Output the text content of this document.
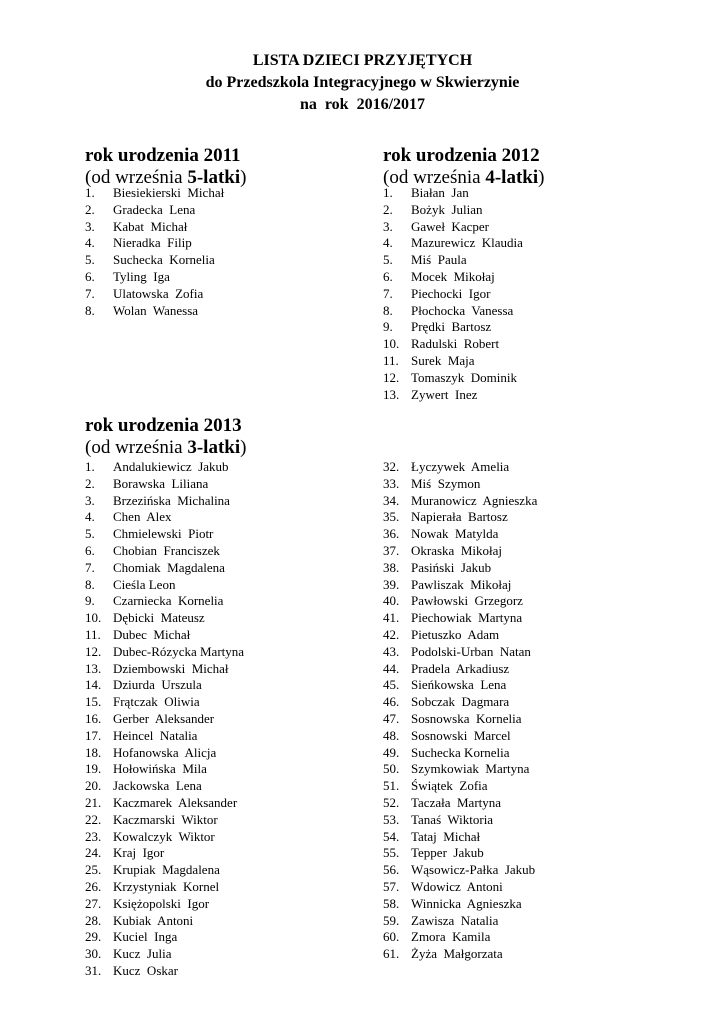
LISTA DZIECI PRZYJĘTYCH
do Przedszkola Integracyjnego w Skwierzynie
na  rok  2016/2017
rok urodzenia 2011
(od września 5-latki)
1. Biesiekierski  Michał
2. Gradecka  Lena
3. Kabat  Michał
4. Nieradka  Filip
5. Suchecka  Kornelia
6. Tyling  Iga
7. Ulatowska  Zofia
8. Wolan  Wanessa
rok urodzenia 2012
(od września 4-latki)
1. Białan  Jan
2. Bożyk  Julian
3. Gaweł  Kacper
4. Mazurewicz  Klaudia
5. Miś  Paula
6. Mocek  Mikołaj
7. Piechocki  Igor
8. Płochocka  Vanessa
9. Prędki  Bartosz
10. Radulski  Robert
11. Surek  Maja
12. Tomaszyk  Dominik
13. Zywert  Inez
rok urodzenia 2013
(od września 3-latki)
1. Andalukiewicz  Jakub
2. Borawska  Liliana
3. Brzezińska  Michalina
4. Chen  Alex
5. Chmielewski  Piotr
6. Chobian  Franciszek
7. Chomiak  Magdalena
8. Cieśla Leon
9. Czarniecka  Kornelia
10. Dębicki  Mateusz
11. Dubec  Michał
12. Dubec-Rózycka Martyna
13. Dziembowski  Michał
14. Dziurda  Urszula
15. Frątczak  Oliwia
16. Gerber  Aleksander
17. Heincel  Natalia
18. Hofanowska  Alicja
19. Hołowińska  Mila
20. Jackowska  Lena
21. Kaczmarek  Aleksander
22. Kaczmarski  Wiktor
23. Kowalczyk  Wiktor
24. Kraj  Igor
25. Krupiak  Magdalena
26. Krzystyniak  Kornel
27. Księżopolski  Igor
28. Kubiak  Antoni
29. Kuciel  Inga
30. Kucz  Julia
31. Kucz  Oskar
32. Łyczywek  Amelia
33. Miś  Szymon
34. Muranowicz  Agnieszka
35. Napierała  Bartosz
36. Nowak  Matylda
37. Okraska  Mikołaj
38. Pasiński  Jakub
39. Pawliszak  Mikołaj
40. Pawłowski  Grzegorz
41. Piechowiak  Martyna
42. Pietuszko  Adam
43. Podolski-Urban  Natan
44. Pradela  Arkadiusz
45. Sieńkowska  Lena
46. Sobczak  Dagmara
47. Sosnowska  Kornelia
48. Sosnowski  Marcel
49. Suchecka Kornelia
50. Szymkowiak  Martyna
51. Świątek  Zofia
52. Taczała  Martyna
53. Tanaś  Wiktoria
54. Tataj  Michał
55. Tepper  Jakub
56. Wąsowicz-Pałka  Jakub
57. Wdowicz  Antoni
58. Winnicka  Agnieszka
59. Zawisza  Natalia
60. Zmora  Kamila
61. Żyża  Małgorzata
